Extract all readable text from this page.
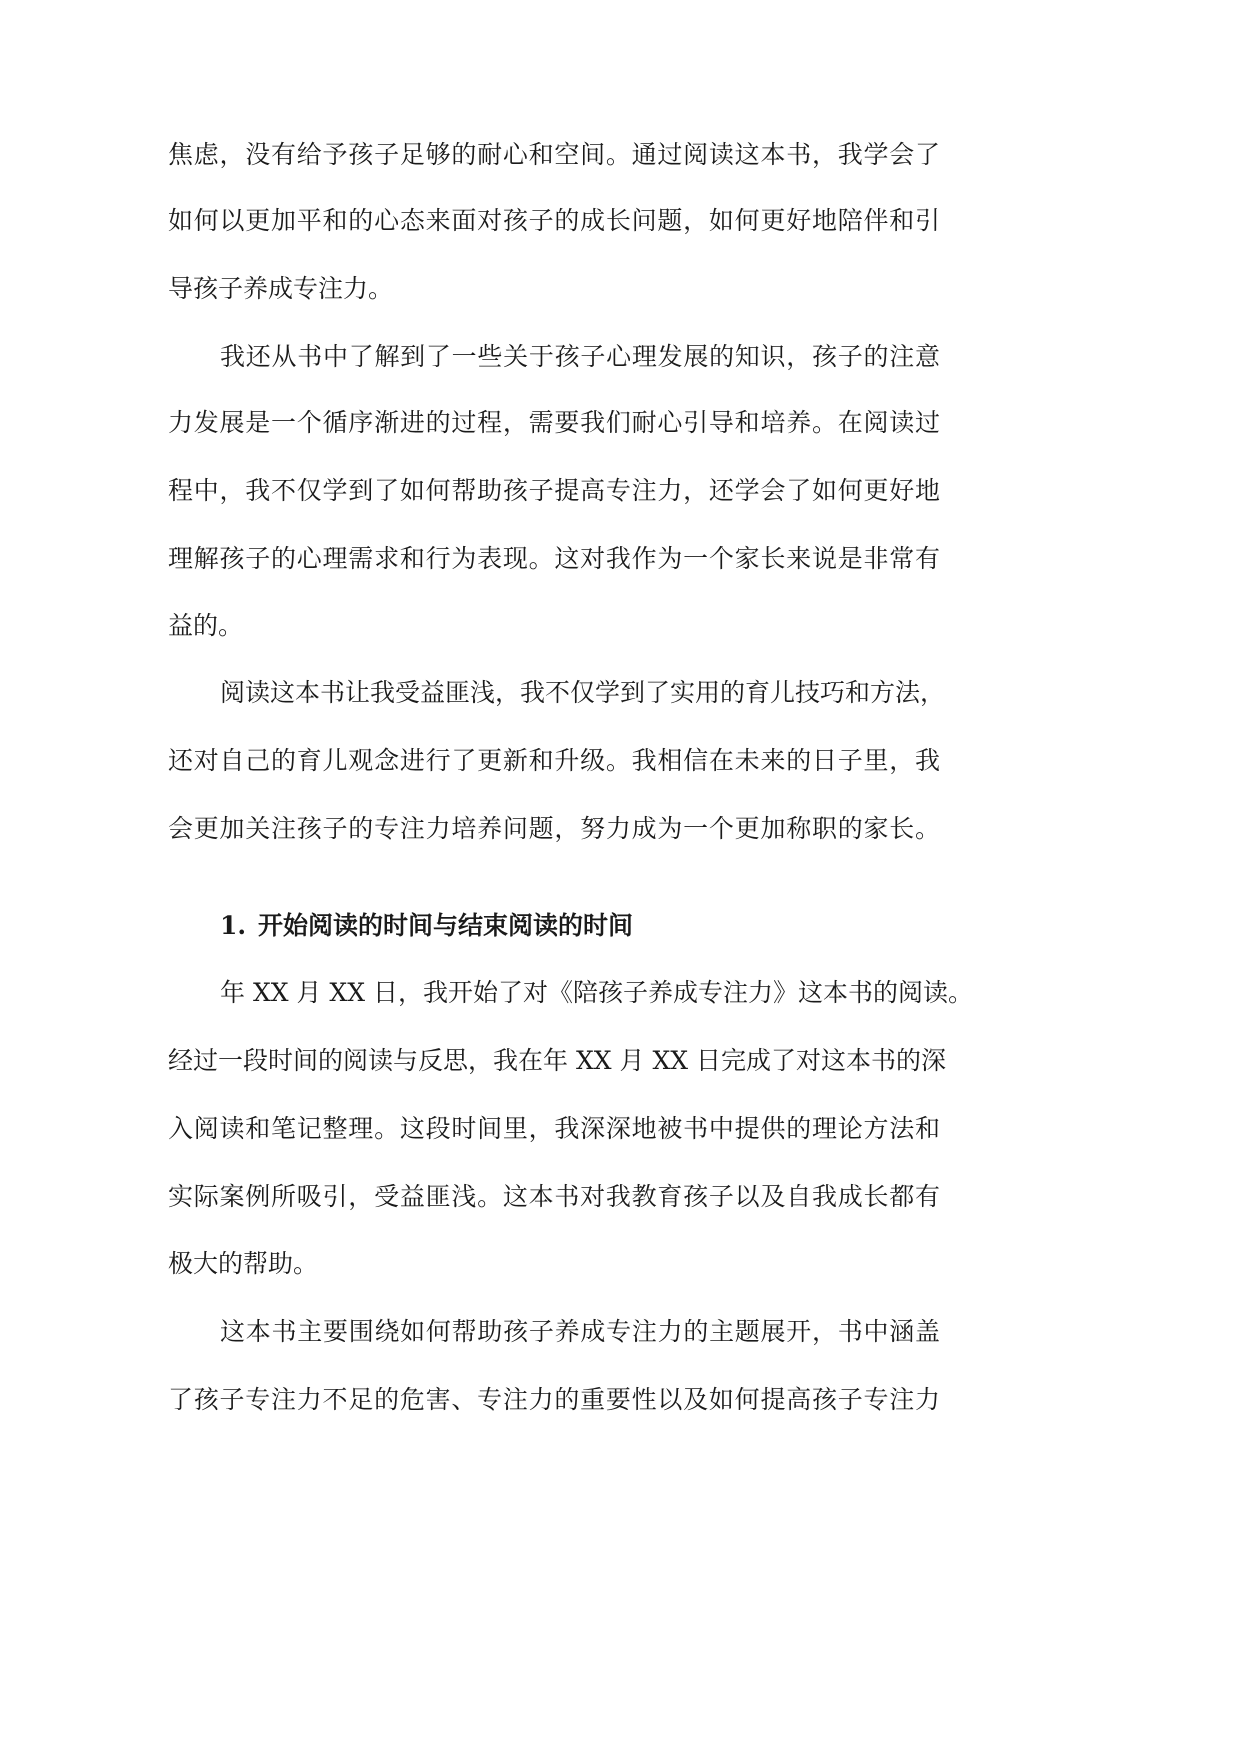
焦虑，没有给予孩子足够的耐心和空间。通过阅读这本书，我学会了
如何以更加平和的心态来面对孩子的成长问题，如何更好地陪伴和引
导孩子养成专注力。
我还从书中了解到了一些关于孩子心理发展的知识，孩子的注意
力发展是一个循序渐进的过程，需要我们耐心引导和培养。在阅读过
程中，我不仅学到了如何帮助孩子提高专注力，还学会了如何更好地
理解孩子的心理需求和行为表现。这对我作为一个家长来说是非常有
益的。
阅读这本书让我受益匪浅，我不仅学到了实用的育儿技巧和方法，
还对自己的育儿观念进行了更新和升级。我相信在未来的日子里，我
会更加关注孩子的专注力培养问题，努力成为一个更加称职的家长。
1. 开始阅读的时间与结束阅读的时间
年 XX 月 XX 日，我开始了对《陪孩子养成专注力》这本书的阅读。
经过一段时间的阅读与反思，我在年 XX 月 XX 日完成了对这本书的深
入阅读和笔记整理。这段时间里，我深深地被书中提供的理论方法和
实际案例所吸引，受益匪浅。这本书对我教育孩子以及自我成长都有
极大的帮助。
这本书主要围绕如何帮助孩子养成专注力的主题展开，书中涵盖
了孩子专注力不足的危害、专注力的重要性以及如何提高孩子专注力
